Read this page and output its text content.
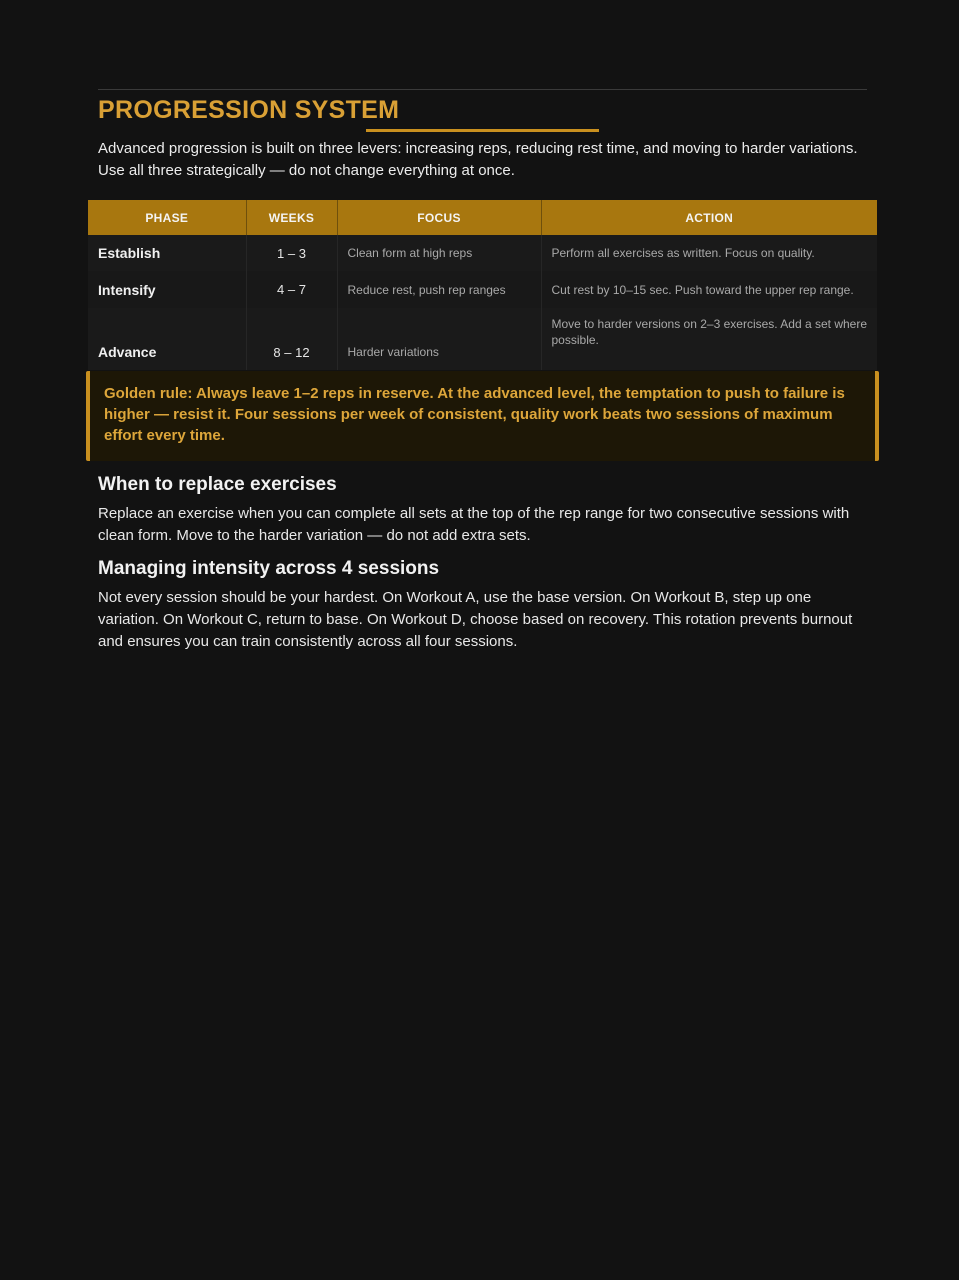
PROGRESSION SYSTEM

Advanced progression is built on three levers: increasing reps, reducing rest time, and moving to harder variations. Use all three strategically — do not change everything at once.

PHASE	WEEKS	FOCUS	ACTION
Establish	1 – 3	Clean form at high reps	Perform all exercises as written. Focus on quality.
Intensify	4 – 7	Reduce rest, push rep ranges	Cut rest by 10–15 sec. Push toward the upper rep range.
Advance	8 – 12	Harder variations	Move to harder versions on 2–3 exercises. Add a set where possible.

Golden rule: Always leave 1–2 reps in reserve. At the advanced level, the temptation to push to failure is higher — resist it. Four sessions per week of consistent, quality work beats two sessions of maximum effort every time.

When to replace exercises

Replace an exercise when you can complete all sets at the top of the rep range for two consecutive sessions with clean form. Move to the harder variation — do not add extra sets.

Managing intensity across 4 sessions

Not every session should be your hardest. On Workout A, use the base version. On Workout B, step up one variation. On Workout C, return to base. On Workout D, choose based on recovery. This rotation prevents burnout and ensures you can train consistently across all four sessions.
